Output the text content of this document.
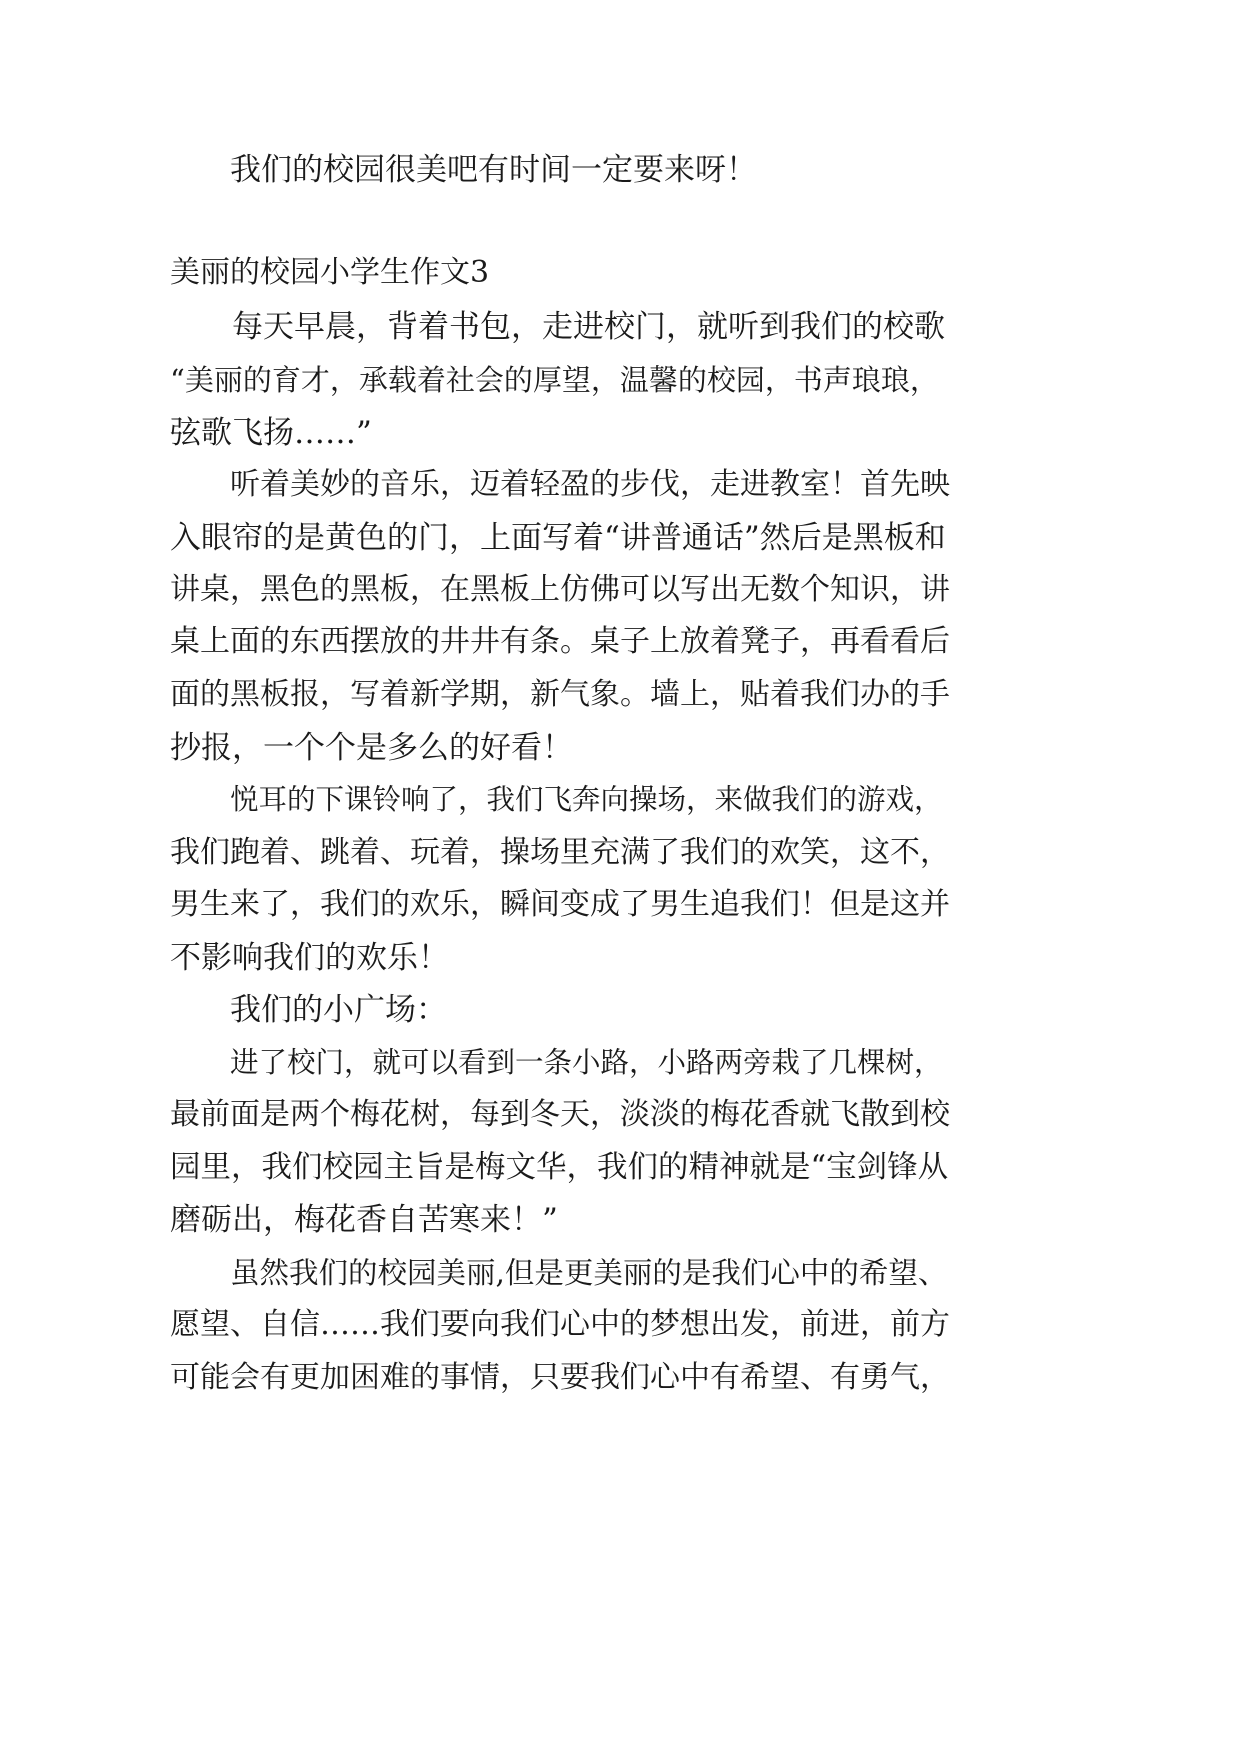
我们的校园很美吧有时间一定要来呀！

美丽的校园小学生作文3

每天早晨，背着书包，走进校门，就听到我们的校歌

“美丽的育才，承载着社会的厚望，温馨的校园，书声琅琅，

弦歌飞扬……”

听着美妙的音乐，迈着轻盈的步伐，走进教室！首先映

入眼帘的是黄色的门，上面写着“讲普通话”然后是黑板和

讲桌，黑色的黑板，在黑板上仿佛可以写出无数个知识，讲

桌上面的东西摆放的井井有条。桌子上放着凳子，再看看后

面的黑板报，写着新学期，新气象。墙上，贴着我们办的手

抄报，一个个是多么的好看！

悦耳的下课铃响了，我们飞奔向操场，来做我们的游戏，

我们跑着、跳着、玩着，操场里充满了我们的欢笑，这不，

男生来了，我们的欢乐，瞬间变成了男生追我们！但是这并

不影响我们的欢乐！

我们的小广场：

进了校门，就可以看到一条小路，小路两旁栽了几棵树，

最前面是两个梅花树，每到冬天，淡淡的梅花香就飞散到校

园里，我们校园主旨是梅文华，我们的精神就是“宝剑锋从

磨砺出，梅花香自苦寒来！”

虽然我们的校园美丽,但是更美丽的是我们心中的希望、

愿望、自信……我们要向我们心中的梦想出发，前进，前方

可能会有更加困难的事情，只要我们心中有希望、有勇气，
